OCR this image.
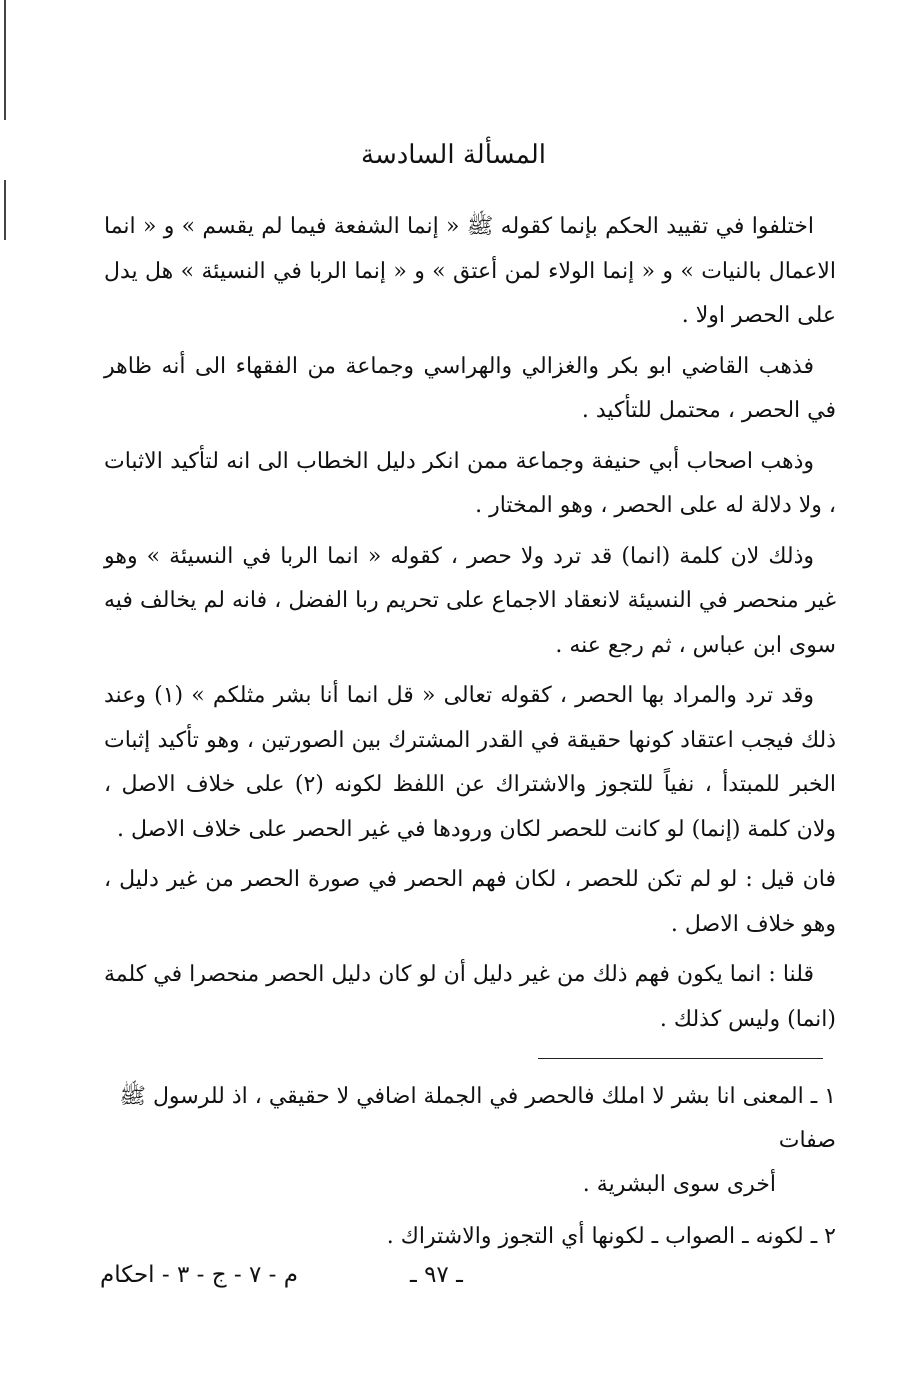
المسألة السادسة

اختلفوا في تقييد الحكم بإنما كقوله ﷺ « إنما الشفعة فيما لم يقسم » و « انما الاعمال بالنيات » و « إنما الولاء لمن أعتق » و « إنما الربا في النسيئة » هل يدل على الحصر اولا .

فذهب القاضي ابو بكر والغزالي والهراسي وجماعة من الفقهاء الى أنه ظاهر في الحصر ، محتمل للتأكيد .

وذهب اصحاب أبي حنيفة وجماعة ممن انكر دليل الخطاب الى انه لتأكيد الاثبات ، ولا دلالة له على الحصر ، وهو المختار .

وذلك لان كلمة (انما) قد ترد ولا حصر ، كقوله « انما الربا في النسيئة » وهو غير منحصر في النسيئة لانعقاد الاجماع على تحريم ربا الفضل ، فانه لم يخالف فيه سوى ابن عباس ، ثم رجع عنه .

وقد ترد والمراد بها الحصر ، كقوله تعالى « قل انما أنا بشر مثلكم » (١) وعند ذلك فيجب اعتقاد كونها حقيقة في القدر المشترك بين الصورتين ، وهو تأكيد إثبات الخبر للمبتدأ ، نفياً للتجوز والاشتراك عن اللفظ لكونه (٢) على خلاف الاصل ، ولان كلمة (إنما) لو كانت للحصر لكان ورودها في غير الحصر على خلاف الاصل .

فان قيل : لو لم تكن للحصر ، لكان فهم الحصر في صورة الحصر من غير دليل ، وهو خلاف الاصل .

قلنا : انما يكون فهم ذلك من غير دليل أن لو كان دليل الحصر منحصرا في كلمة (انما) وليس كذلك .

١ ـ المعنى انا بشر لا املك فالحصر في الجملة اضافي لا حقيقي ، اذ للرسول ﷺ صفات

أخرى سوى البشرية .

٢ ـ لكونه ـ الصواب ـ لكونها أي التجوز والاشتراك .

ـ ٩٧ ـ
م - ٧ - ج - ٣ - احكام
